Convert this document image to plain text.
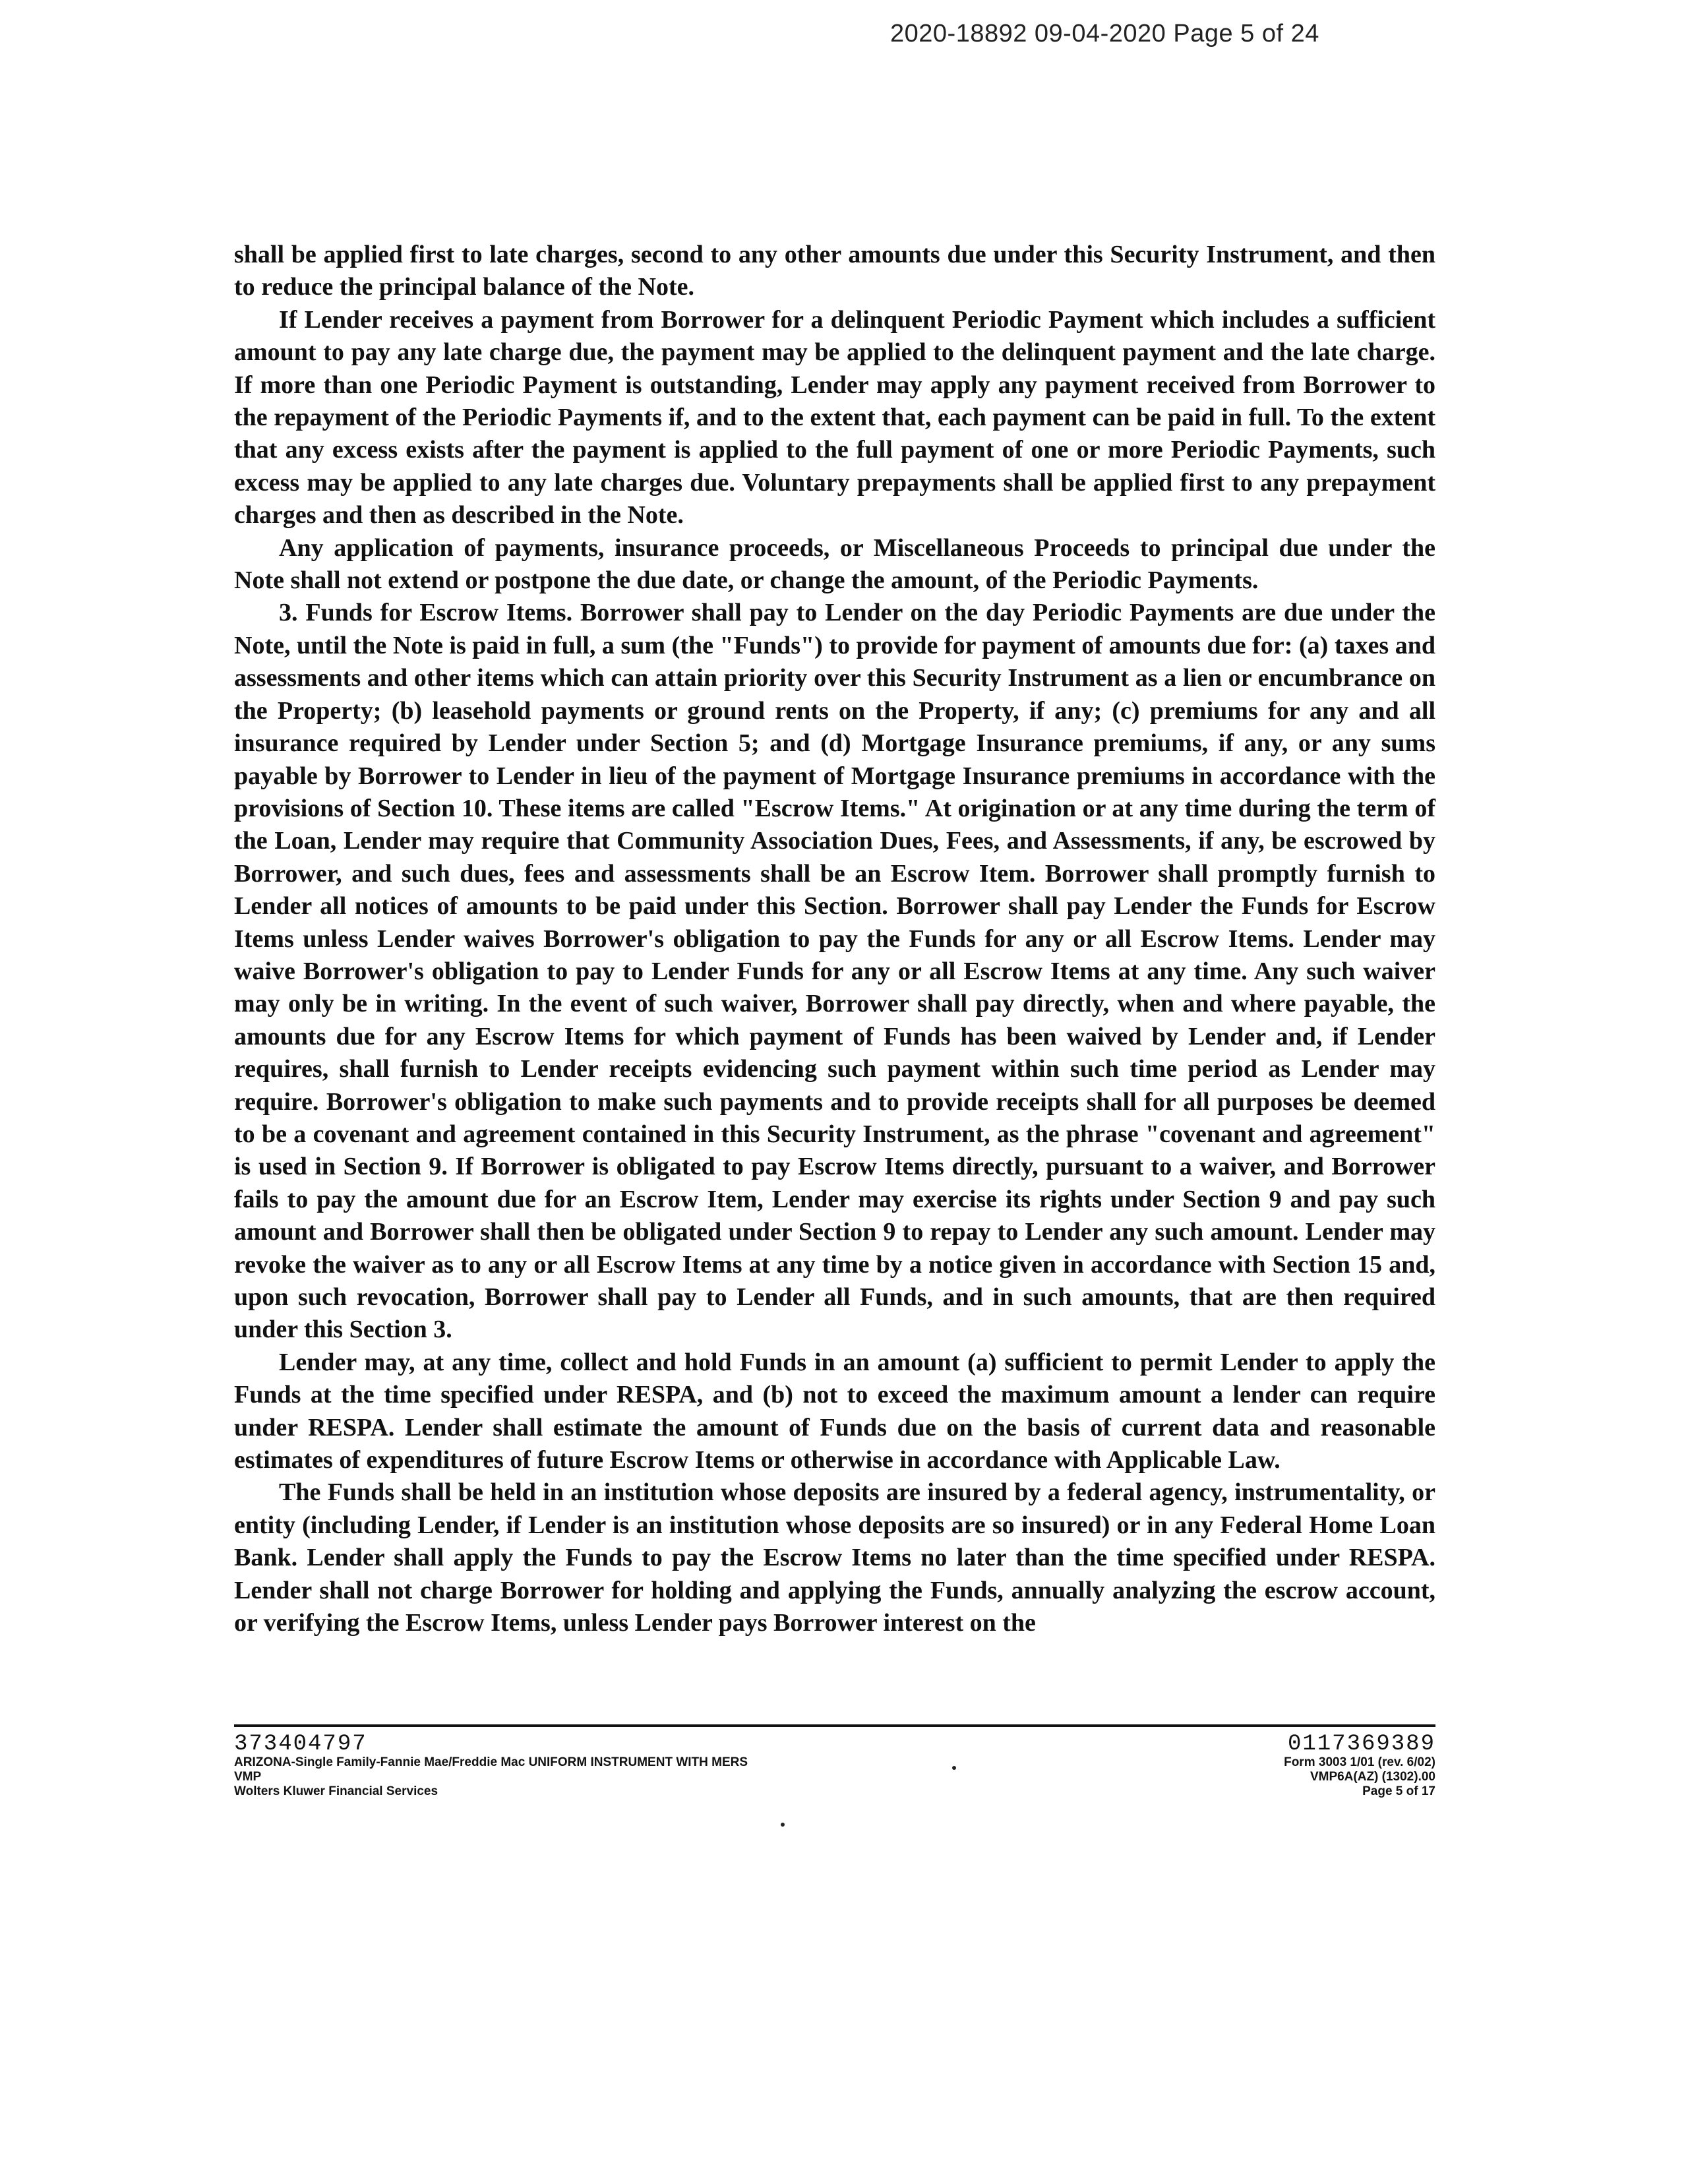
2020-18892 09-04-2020 Page 5 of 24

shall be applied first to late charges, second to any other amounts due under this Security Instrument, and then to reduce the principal balance of the Note.

If Lender receives a payment from Borrower for a delinquent Periodic Payment which includes a sufficient amount to pay any late charge due, the payment may be applied to the delinquent payment and the late charge. If more than one Periodic Payment is outstanding, Lender may apply any payment received from Borrower to the repayment of the Periodic Payments if, and to the extent that, each payment can be paid in full. To the extent that any excess exists after the payment is applied to the full payment of one or more Periodic Payments, such excess may be applied to any late charges due. Voluntary prepayments shall be applied first to any prepayment charges and then as described in the Note.

Any application of payments, insurance proceeds, or Miscellaneous Proceeds to principal due under the Note shall not extend or postpone the due date, or change the amount, of the Periodic Payments.

3. Funds for Escrow Items. Borrower shall pay to Lender on the day Periodic Payments are due under the Note, until the Note is paid in full, a sum (the "Funds") to provide for payment of amounts due for: (a) taxes and assessments and other items which can attain priority over this Security Instrument as a lien or encumbrance on the Property; (b) leasehold payments or ground rents on the Property, if any; (c) premiums for any and all insurance required by Lender under Section 5; and (d) Mortgage Insurance premiums, if any, or any sums payable by Borrower to Lender in lieu of the payment of Mortgage Insurance premiums in accordance with the provisions of Section 10. These items are called "Escrow Items." At origination or at any time during the term of the Loan, Lender may require that Community Association Dues, Fees, and Assessments, if any, be escrowed by Borrower, and such dues, fees and assessments shall be an Escrow Item. Borrower shall promptly furnish to Lender all notices of amounts to be paid under this Section. Borrower shall pay Lender the Funds for Escrow Items unless Lender waives Borrower's obligation to pay the Funds for any or all Escrow Items. Lender may waive Borrower's obligation to pay to Lender Funds for any or all Escrow Items at any time. Any such waiver may only be in writing. In the event of such waiver, Borrower shall pay directly, when and where payable, the amounts due for any Escrow Items for which payment of Funds has been waived by Lender and, if Lender requires, shall furnish to Lender receipts evidencing such payment within such time period as Lender may require. Borrower's obligation to make such payments and to provide receipts shall for all purposes be deemed to be a covenant and agreement contained in this Security Instrument, as the phrase "covenant and agreement" is used in Section 9. If Borrower is obligated to pay Escrow Items directly, pursuant to a waiver, and Borrower fails to pay the amount due for an Escrow Item, Lender may exercise its rights under Section 9 and pay such amount and Borrower shall then be obligated under Section 9 to repay to Lender any such amount. Lender may revoke the waiver as to any or all Escrow Items at any time by a notice given in accordance with Section 15 and, upon such revocation, Borrower shall pay to Lender all Funds, and in such amounts, that are then required under this Section 3.

Lender may, at any time, collect and hold Funds in an amount (a) sufficient to permit Lender to apply the Funds at the time specified under RESPA, and (b) not to exceed the maximum amount a lender can require under RESPA. Lender shall estimate the amount of Funds due on the basis of current data and reasonable estimates of expenditures of future Escrow Items or otherwise in accordance with Applicable Law.

The Funds shall be held in an institution whose deposits are insured by a federal agency, instrumentality, or entity (including Lender, if Lender is an institution whose deposits are so insured) or in any Federal Home Loan Bank. Lender shall apply the Funds to pay the Escrow Items no later than the time specified under RESPA. Lender shall not charge Borrower for holding and applying the Funds, annually analyzing the escrow account, or verifying the Escrow Items, unless Lender pays Borrower interest on the

373404797
ARIZONA-Single Family-Fannie Mae/Freddie Mac UNIFORM INSTRUMENT WITH MERS
VMP
Wolters Kluwer Financial Services
0117369389
Form 3003 1/01 (rev. 6/02)
VMP6A(AZ) (1302).00
Page 5 of 17
